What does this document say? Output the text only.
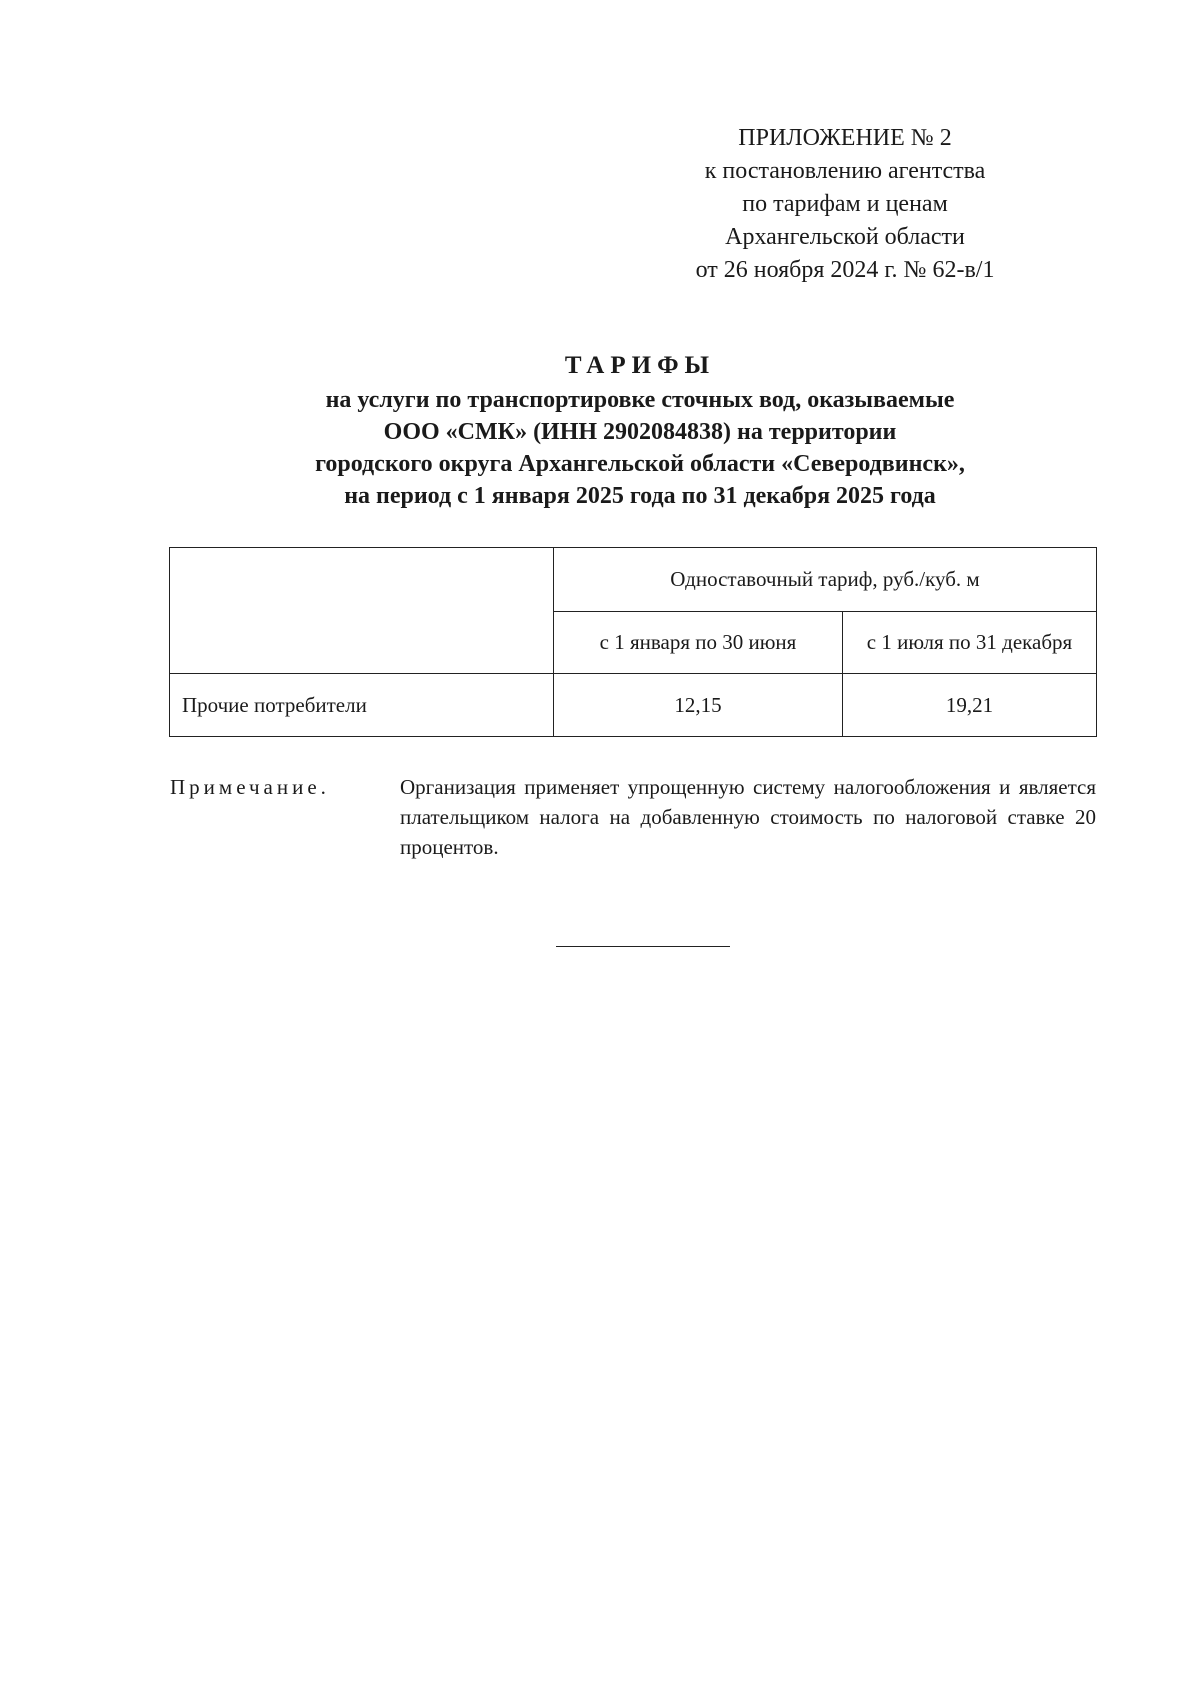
ПРИЛОЖЕНИЕ № 2
к постановлению агентства
по тарифам и ценам
Архангельской области
от 26 ноября 2024 г. № 62-в/1
ТАРИФЫ
на услуги по транспортировке сточных вод, оказываемые
ООО «СМК» (ИНН 2902084838) на территории
городского округа Архангельской области «Северодвинск»,
на период с 1 января 2025 года по 31 декабря 2025 года
	Одноставочный тариф, руб./куб. м	
	с 1 января по 30 июня	с 1 июля по 31 декабря
Прочие потребители	12,15	19,21
Примечание.	Организация применяет упрощенную систему налогообложения и является плательщиком налога на добавленную стоимость по налоговой ставке 20 процентов.
